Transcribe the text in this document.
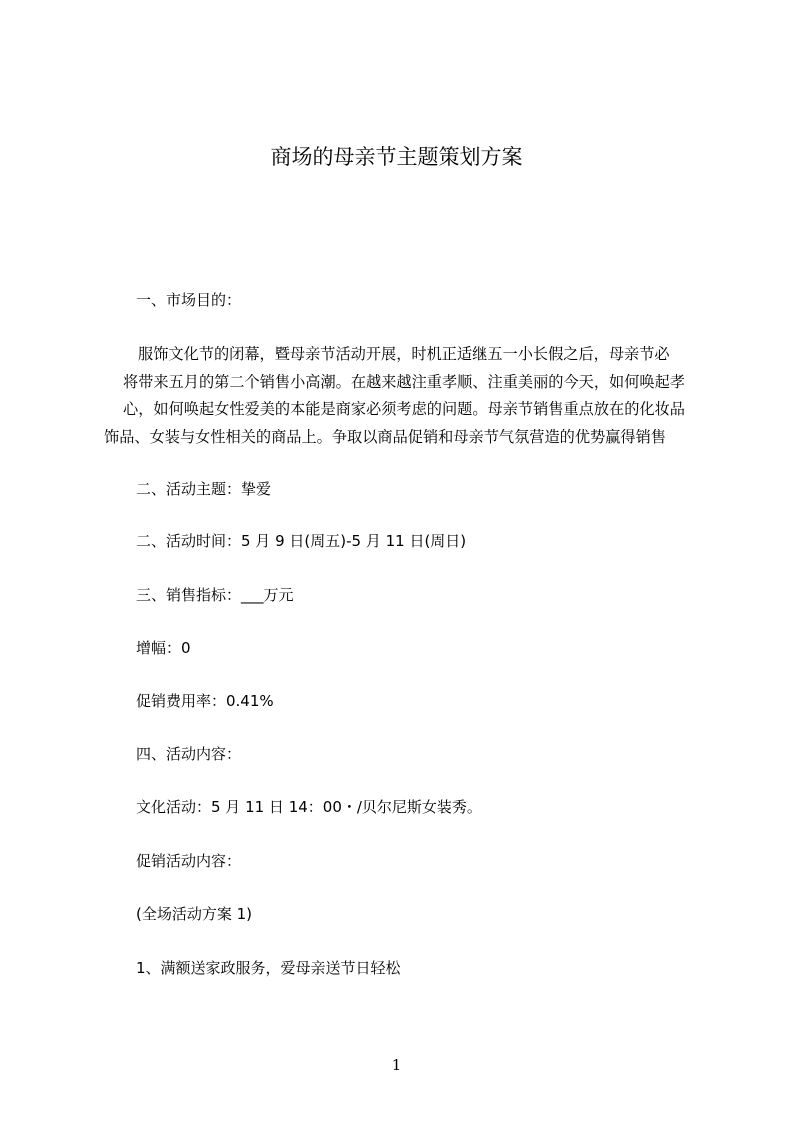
商场的母亲节主题策划方案
一、市场目的：
服饰文化节的闭幕，暨母亲节活动开展，时机正适继五一小长假之后，母亲节必
将带来五月的第二个销售小高潮。在越来越注重孝顺、注重美丽的今天，如何唤起孝
心，如何唤起女性爱美的本能是商家必须考虑的问题。母亲节销售重点放在的化妆品
饰品、女装与女性相关的商品上。争取以商品促销和母亲节气氛营造的优势赢得销售
二、活动主题：挚爱
二、活动时间：5 月 9 日(周五)-5 月 11 日(周日)
三、销售指标：___万元
增幅：0
促销费用率：0.41%
四、活动内容：
文化活动：5 月 11 日 14：00・/贝尔尼斯女装秀。
促销活动内容：
(全场活动方案 1)
1、满额送家政服务，爱母亲送节日轻松
1
